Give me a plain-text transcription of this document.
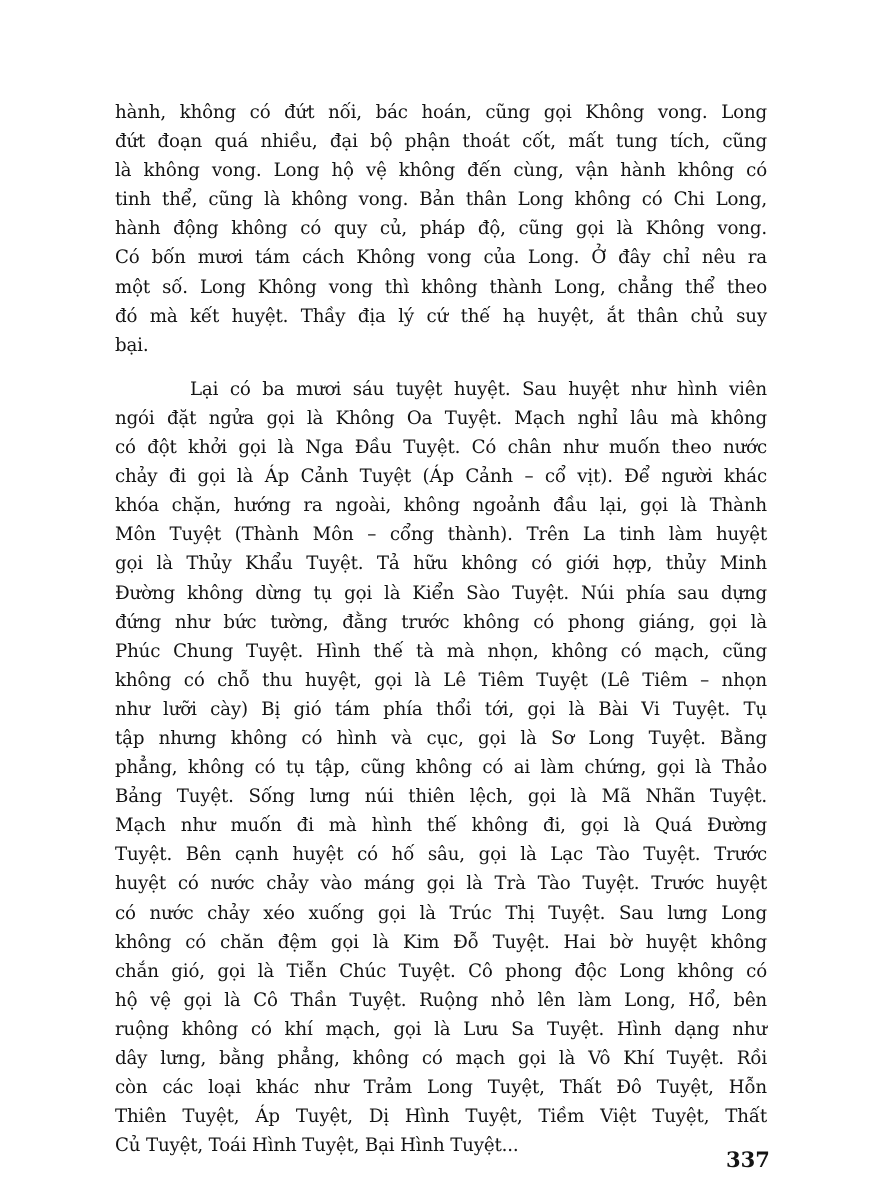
hành, không có đứt nối, bác hoán, cũng gọi Không vong. Long
đứt đoạn quá nhiều, đại bộ phận thoát cốt, mất tung tích, cũng
là không vong. Long hộ vệ không đến cùng, vận hành không có
tinh thể, cũng là không vong. Bản thân Long không có Chi Long,
hành động không có quy củ, pháp độ, cũng gọi là Không vong.
Có bốn mươi tám cách Không vong của Long. Ở đây chỉ nêu ra
một số. Long Không vong thì không thành Long, chẳng thể theo
đó mà kết huyệt. Thầy địa lý cứ thế hạ huyệt, ắt thân chủ suy
bại.
Lại có ba mươi sáu tuyệt huyệt. Sau huyệt như hình viên
ngói đặt ngửa gọi là Không Oa Tuyệt. Mạch nghỉ lâu mà không
có đột khởi gọi là Nga Đầu Tuyệt. Có chân như muốn theo nước
chảy đi gọi là Áp Cảnh Tuyệt (Áp Cảnh – cổ vịt). Để người khác
khóa chặn, hướng ra ngoài, không ngoảnh đầu lại, gọi là Thành
Môn Tuyệt (Thành Môn – cổng thành). Trên La tinh làm huyệt
gọi là Thủy Khẩu Tuyệt. Tả hữu không có giới hợp, thủy Minh
Đường không dừng tụ gọi là Kiển Sào Tuyệt. Núi phía sau dựng
đứng như bức tường, đằng trước không có phong giáng, gọi là
Phúc Chung Tuyệt. Hình thế tà mà nhọn, không có mạch, cũng
không có chỗ thu huyệt, gọi là Lê Tiêm Tuyệt (Lê Tiêm – nhọn
như lưỡi cày) Bị gió tám phía thổi tới, gọi là Bài Vi Tuyệt. Tụ
tập nhưng không có hình và cục, gọi là Sơ Long Tuyệt. Bằng
phẳng, không có tụ tập, cũng không có ai làm chứng, gọi là Thảo
Bảng Tuyệt. Sống lưng núi thiên lệch, gọi là Mã Nhãn Tuyệt.
Mạch như muốn đi mà hình thế không đi, gọi là Quá Đường
Tuyệt. Bên cạnh huyệt có hố sâu, gọi là Lạc Tào Tuyệt. Trước
huyệt có nước chảy vào máng gọi là Trà Tào Tuyệt. Trước huyệt
có nước chảy xéo xuống gọi là Trúc Thị Tuyệt. Sau lưng Long
không có chăn đệm gọi là Kim Đỗ Tuyệt. Hai bờ huyệt không
chắn gió, gọi là Tiễn Chúc Tuyệt. Cô phong độc Long không có
hộ vệ gọi là Cô Thần Tuyệt. Ruộng nhỏ lên làm Long, Hổ, bên
ruộng không có khí mạch, gọi là Lưu Sa Tuyệt. Hình dạng như
dây lưng, bằng phẳng, không có mạch gọi là Vô Khí Tuyệt. Rồi
còn các loại khác như Trảm Long Tuyệt, Thất Đô Tuyệt, Hỗn
Thiên Tuyệt, Áp Tuyệt, Dị Hình Tuyệt, Tiềm Việt Tuyệt, Thất
Củ Tuyệt, Toái Hình Tuyệt, Bại Hình Tuyệt...
337
